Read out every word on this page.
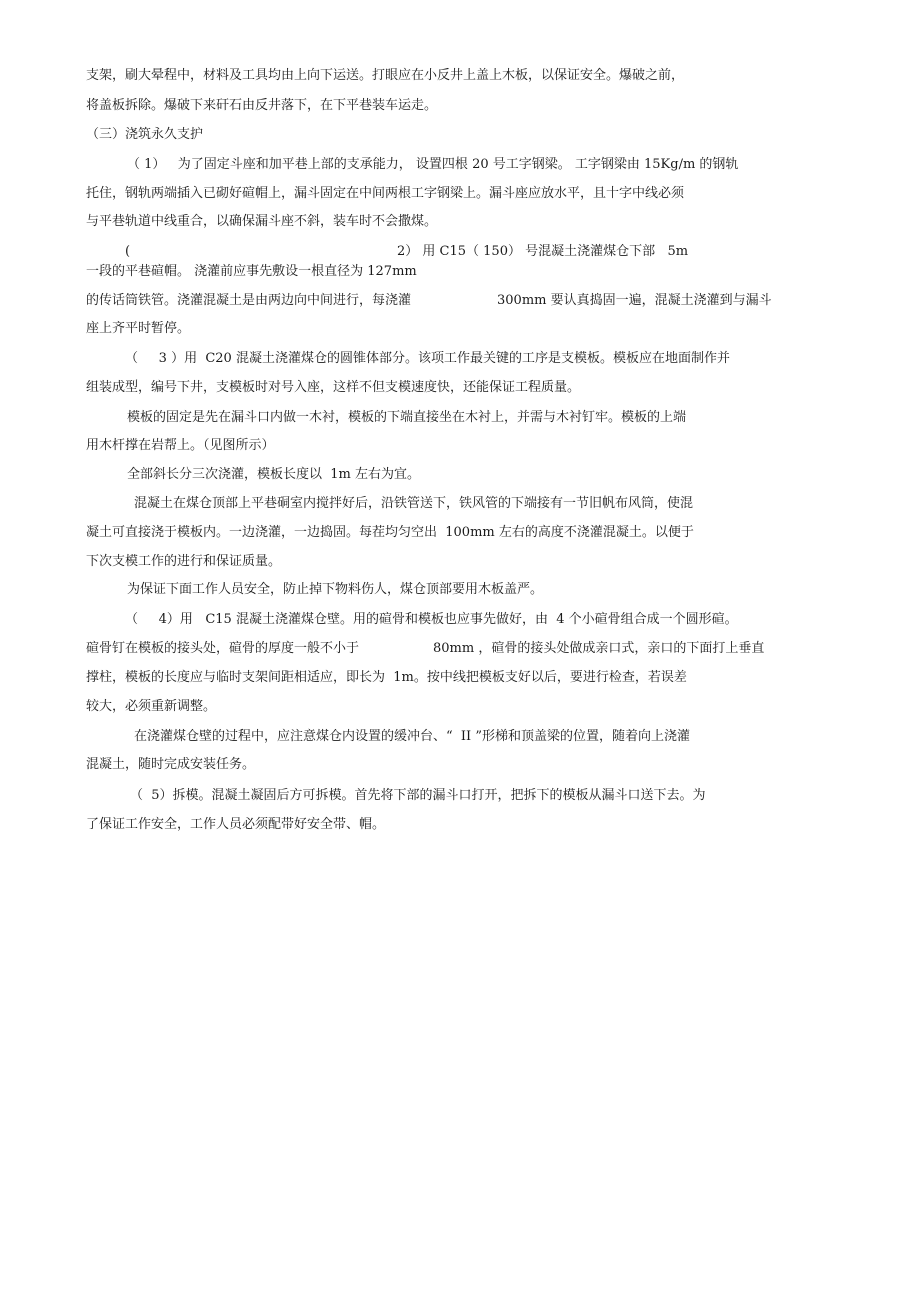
支架，刷大晕程中，材料及工具均由上向下运送。打眼应在小反井上盖上木板，以保证安全。爆破之前，
将盖板拆除。爆破下来矸石由反井落下，在下平巷装车运走。
（三）浇筑永久支护
（ 1）   为了固定斗座和加平巷上部的支承能力， 设置四根 20 号工字钢梁。 工字钢梁由 15Kg/m 的钢轨
托住，钢轨两端插入已砌好碹帽上，漏斗固定在中间两根工字钢梁上。漏斗座应放水平，且十字中线必须
与平巷轨道中线重合，以确保漏斗座不斜，装车时不会撒煤。
(	2） 用 C15（ 150） 号混凝土浇灌煤仓下部   5m
一段的平巷碹帽。 浇灌前应事先敷设一根直径为 127mm
的传话筒铁管。浇灌混凝土是由两边向中间进行，每浇灌	300mm 要认真捣固一遍，混凝土浇灌到与漏斗
座上齐平时暂停。
（     3 ）用  C20 混凝土浇灌煤仓的圆锥体部分。该项工作最关键的工序是支模板。模板应在地面制作并
组装成型，编号下井，支模板时对号入座，这样不但支模速度快，还能保证工程质量。
模板的固定是先在漏斗口内做一木衬，模板的下端直接坐在木衬上，并需与木衬钉牢。模板的上端
用木杆撑在岩帮上。（见图所示）
全部斜长分三次浇灌，模板长度以  1m 左右为宜。
混凝土在煤仓顶部上平巷硐室内搅拌好后，沿铁管送下，铁风管的下端接有一节旧帆布风筒，使混
凝土可直接浇于模板内。一边浇灌，一边捣固。每茬均匀空出  100mm 左右的高度不浇灌混凝土。以便于
下次支模工作的进行和保证质量。
为保证下面工作人员安全，防止掉下物料伤人，煤仓顶部要用木板盖严。
（     4）用   C15 混凝土浇灌煤仓壁。用的碹骨和模板也应事先做好，由  4 个小碹骨组合成一个圆形碹。
碹骨钉在模板的接头处，碹骨的厚度一般不小于	80mm ，碹骨的接头处做成亲口式，亲口的下面打上垂直
撑柱，模板的长度应与临时支架间距相适应，即长为  1m。按中线把模板支好以后，要进行检查，若误差
较大，必须重新调整。
在浇灌煤仓壁的过程中，应注意煤仓内设置的缓冲台、“  II ”形梯和顶盖梁的位置，随着向上浇灌
混凝土，随时完成安装任务。
（  5）拆模。混凝土凝固后方可拆模。首先将下部的漏斗口打开，把拆下的模板从漏斗口送下去。为
了保证工作安全，工作人员必须配带好安全带、帽。
